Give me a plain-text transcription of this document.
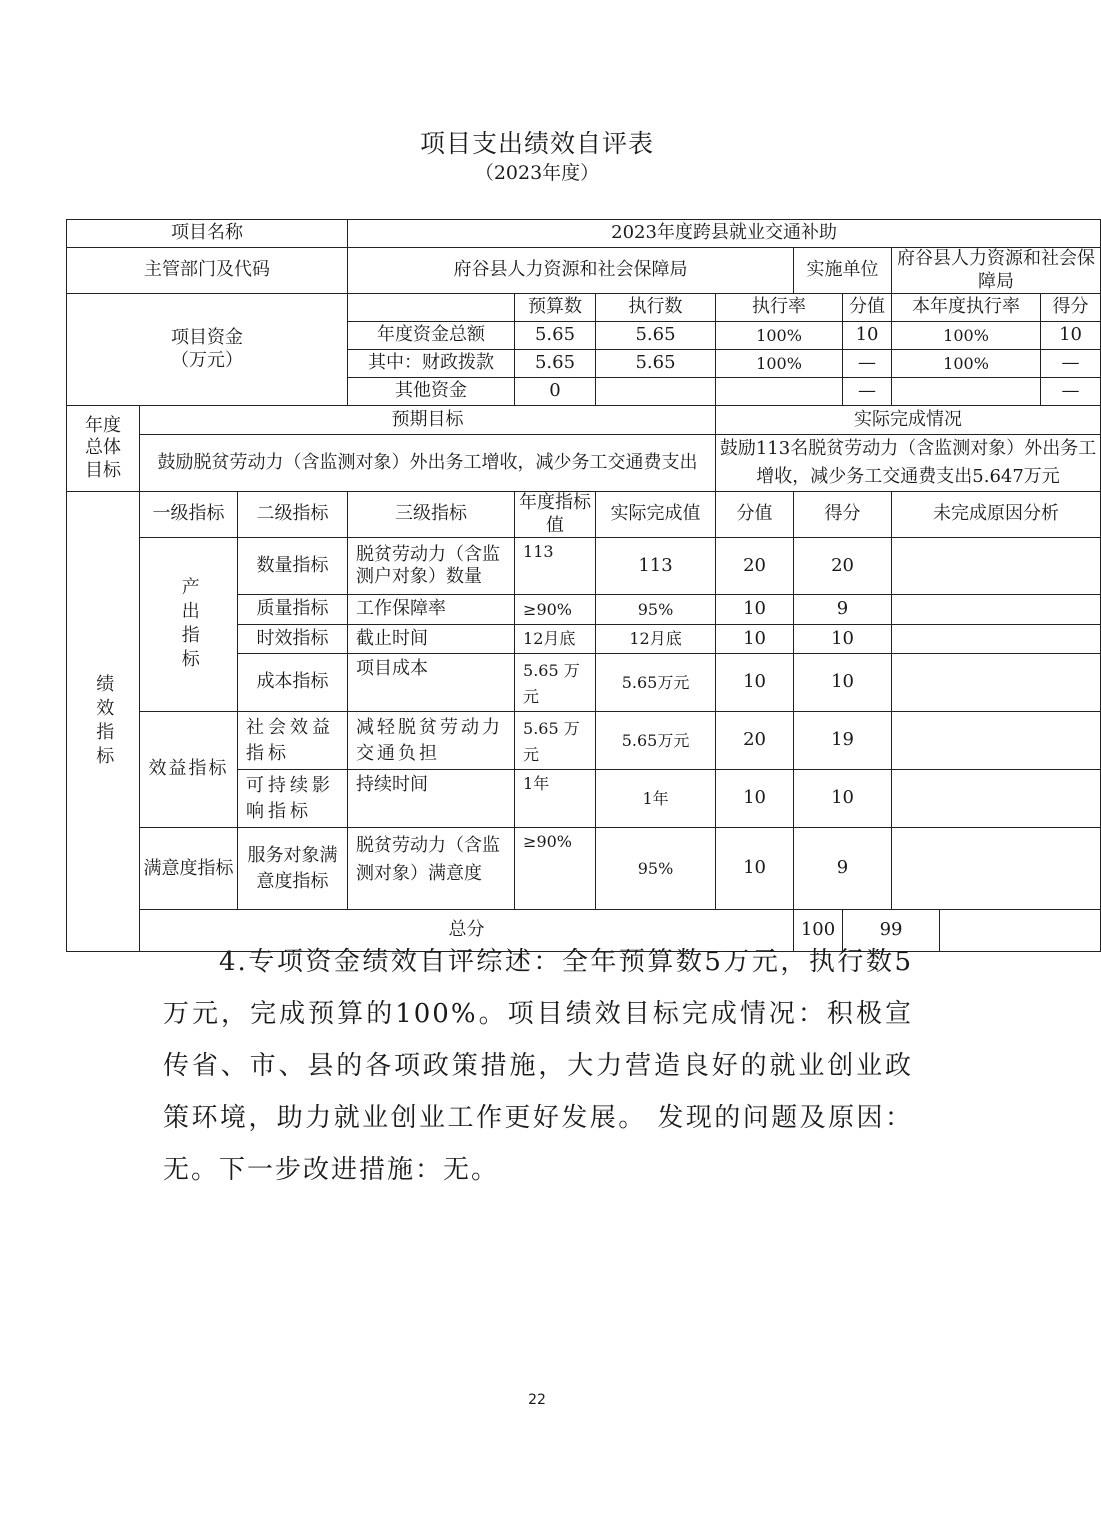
项目支出绩效自评表
（2023年度）
项目名称			2023年度跨县就业交通补助								
主管部门及代码			府谷县人力资源和社会保障局				实施单位		府谷县人力资源和社会保障局		

项目资金
（万元）				预算数	执行数	执行率		分值	本年度执行率		得分
			年度资金总额	5.65	5.65	100%		10	100%		10
			其中：财政拨款	5.65	5.65	100%		—	100%		—
			其他资金	0				—			—

年度
总体
目标	预期目标					实际完成情况					
	鼓励脱贫劳动力（含监测对象）外出务工增收，减少务工交通费支出					鼓励113名脱贫劳动力（含监测对象）外出务工增收，减少务工交通费支出5.647万元					

绩效指标	一级指标	二级指标	三级指标	年度指标值	实际完成值	分值	得分		未完成原因分析		
	产出指标	数量指标	脱贫劳动力（含监测户对象）数量	113	113	20	20				
		质量指标	工作保障率	≥90%	95%	10	9				
		时效指标	截止时间	12月底	12月底	10	10				
		成本指标	项目成本	5.65 万元	5.65万元	10	10				
	效益指标	社会效益指标	减轻脱贫劳动力交通负担	5.65 万元	5.65万元	20	19				
		可持续影响指标	持续时间	1年	1年	10	10				
	满意度指标	服务对象满意度指标	脱贫劳动力（含监测对象）满意度	≥90%	95%	10	9				
	总分						100	99			
4.专项资金绩效自评综述：全年预算数5万元，执行数5万元，完成预算的100%。项目绩效目标完成情况：积极宣传省、市、县的各项政策措施，大力营造良好的就业创业政策环境，助力就业创业工作更好发展。 发现的问题及原因：无。下一步改进措施：无。
22
